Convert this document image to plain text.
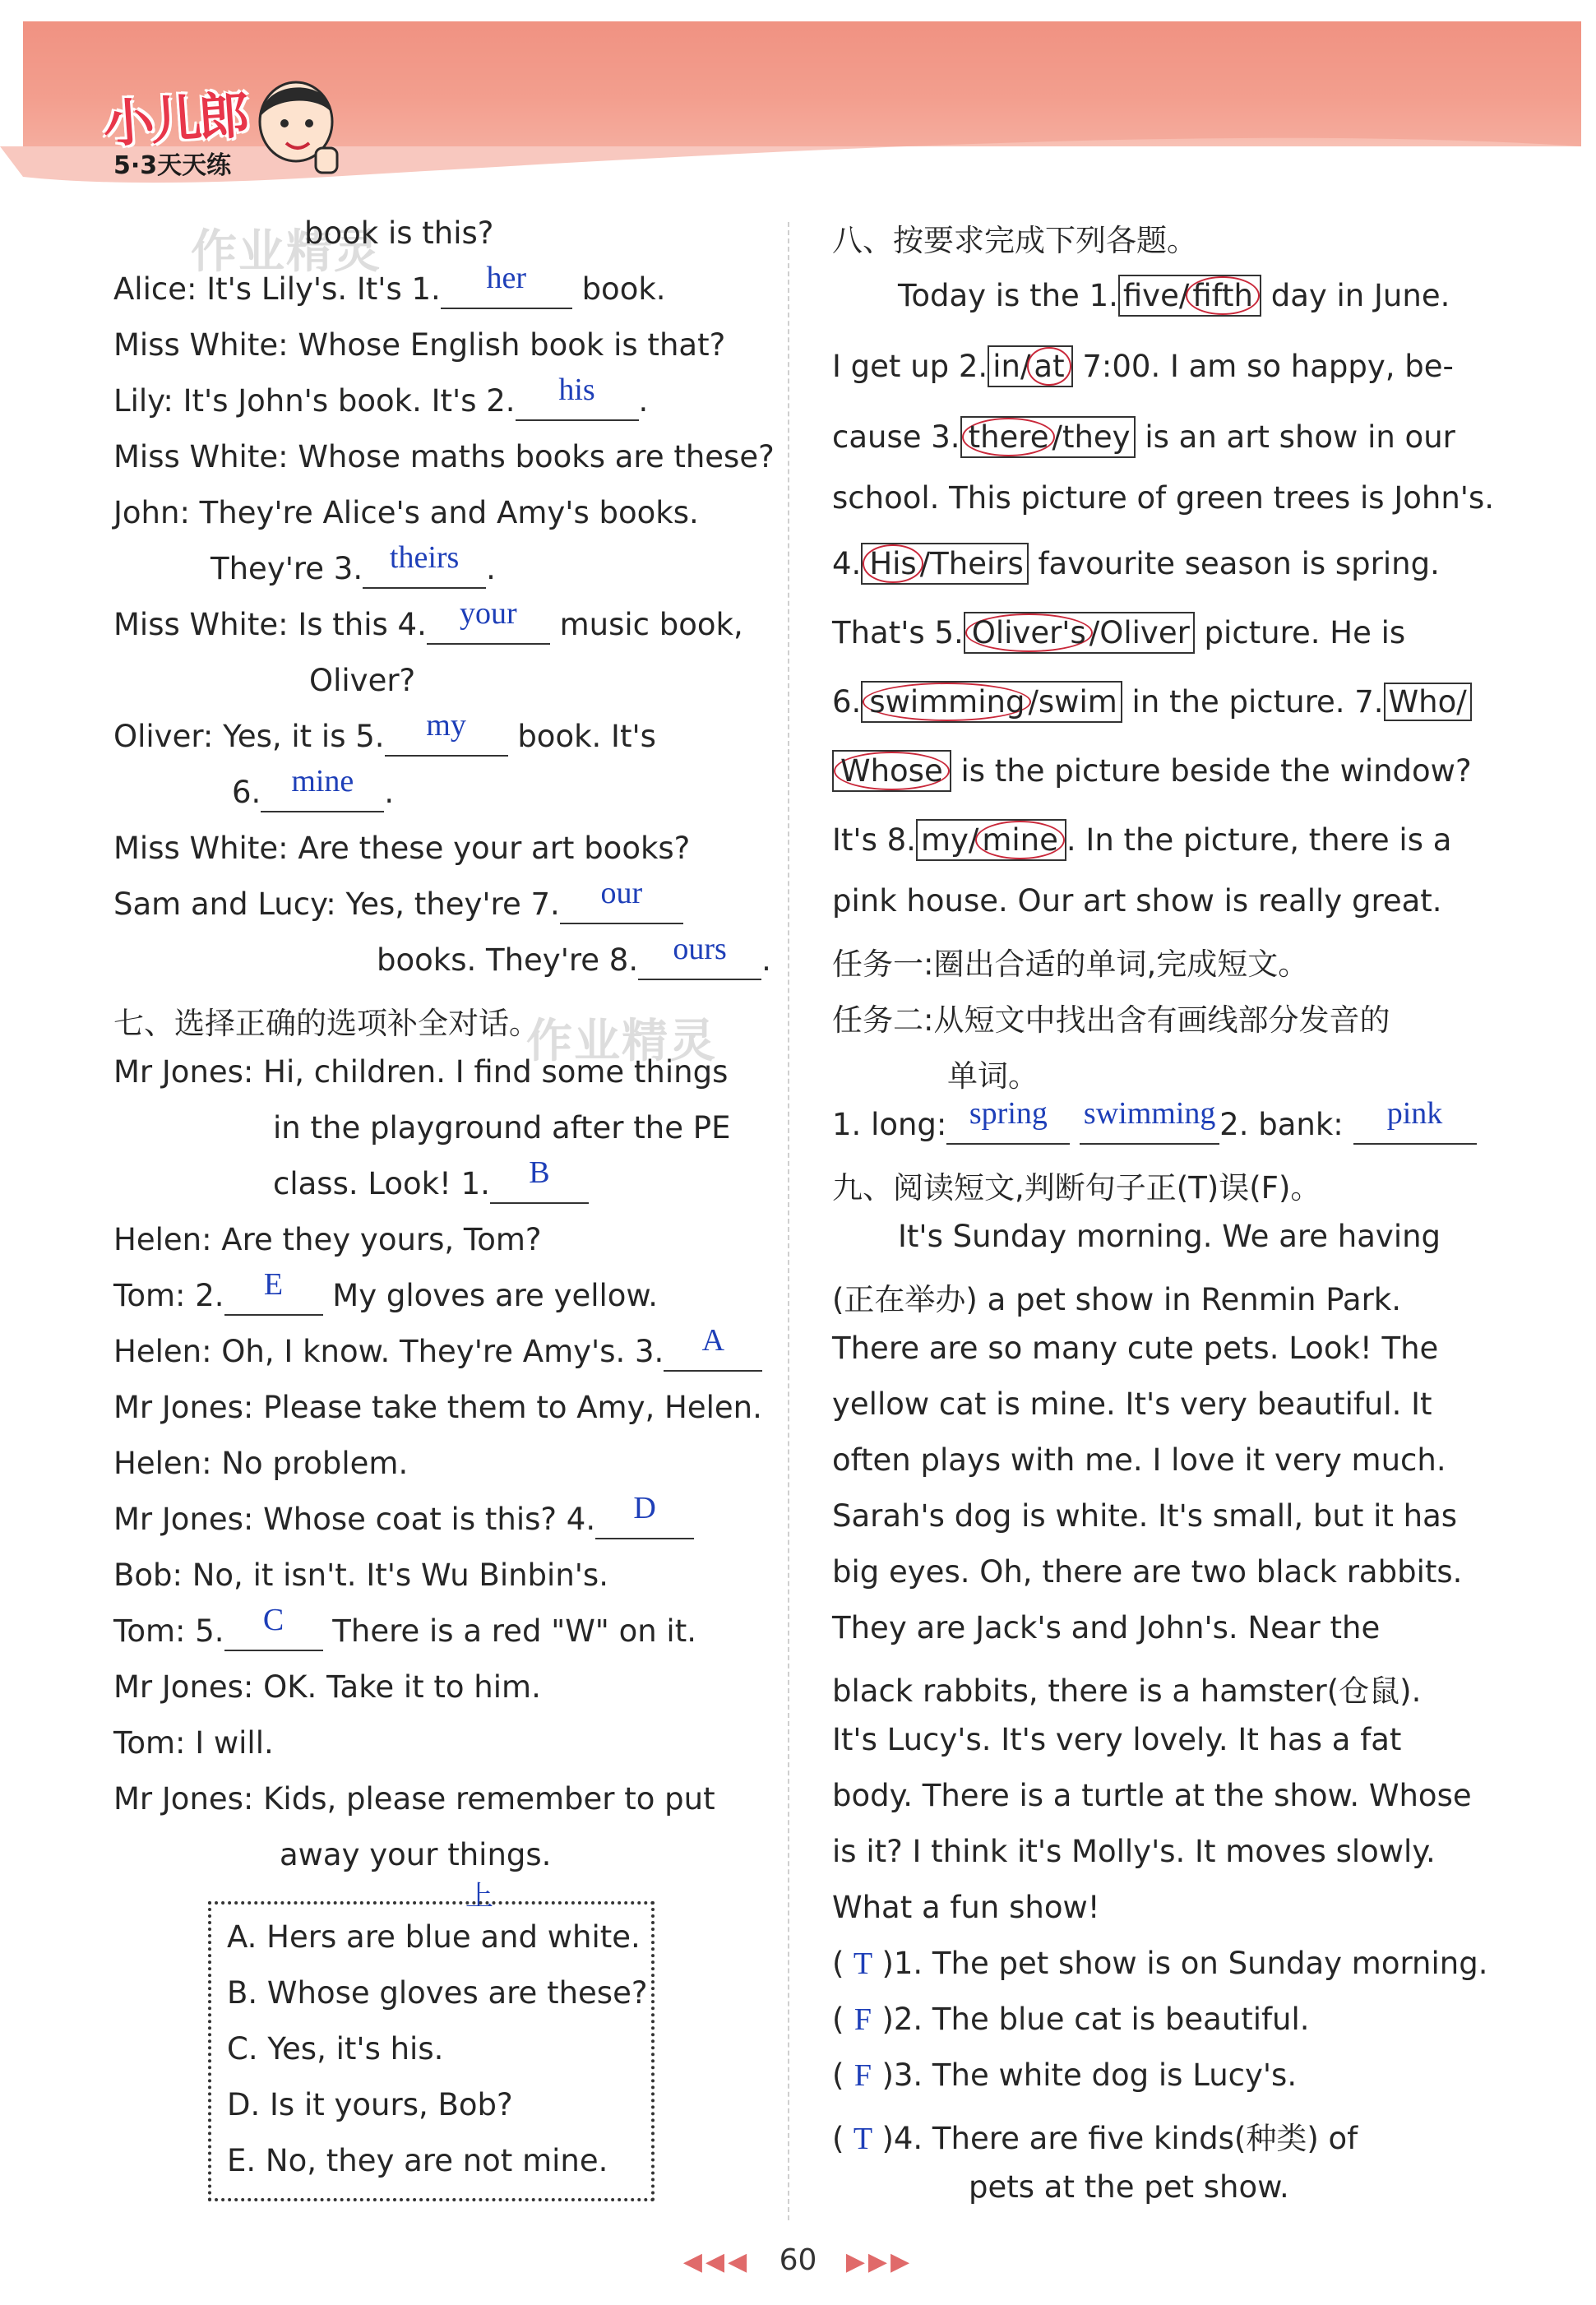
小儿郎
5·3天天练
作业精灵
作业精灵
book is this?
Alice: It's Lily's. It's 1. her book.
Miss White: Whose English book is that?
Lily: It's John's book. It's 2. his .
Miss White: Whose maths books are these?
John: They're Alice's and Amy's books.
They're 3. theirs .
Miss White: Is this 4. your music book,
Oliver?
Oliver: Yes, it is 5. my book. It's
6. mine .
Miss White: Are these your art books?
Sam and Lucy: Yes, they're 7. our
books. They're 8. ours .
七、选择正确的选项补全对话。
Mr Jones: Hi, children. I find some things
in the playground after the PE
class. Look! 1. B
Helen: Are they yours, Tom?
Tom: 2. E My gloves are yellow.
Helen: Oh, I know. They're Amy's. 3. A
Mr Jones: Please take them to Amy, Helen.
Helen: No problem.
Mr Jones: Whose coat is this? 4. D
Bob: No, it isn't. It's Wu Binbin's.
Tom: 5. C There is a red "W" on it.
Mr Jones: OK. Take it to him.
Tom: I will.
Mr Jones: Kids, please remember to put
away your things.
上
A. Hers are blue and white.
B. Whose gloves are these?
C. Yes, it's his.
D. Is it yours, Bob?
E. No, they are not mine.
八、按要求完成下列各题。
Today is the 1. five/ fifth day in June.
I get up 2. in/ at 7:00. I am so happy, be-
cause 3. there /they is an art show in our
school. This picture of green trees is John's.
4. His /Theirs favourite season is spring.
That's 5. Oliver's /Oliver picture. He is
6. swimming /swim in the picture. 7. Who/
Whose is the picture beside the window?
It's 8. my/ mine . In the picture, there is a
pink house. Our art show is really great.
任务一:圈出合适的单词,完成短文。
任务二:从短文中找出含有画线部分发音的
单词。
1. long: spring swimming 2. bank: pink
九、阅读短文,判断句子正(T)误(F)。
It's Sunday morning. We are having
(正在举办) a pet show in Renmin Park.
There are so many cute pets. Look! The
yellow cat is mine. It's very beautiful. It
often plays with me. I love it very much.
Sarah's dog is white. It's small, but it has
big eyes. Oh, there are two black rabbits.
They are Jack's and John's. Near the
black rabbits, there is a hamster(仓鼠).
It's Lucy's. It's very lovely. It has a fat
body. There is a turtle at the show. Whose
is it? I think it's Molly's. It moves slowly.
What a fun show!
( T )1. The pet show is on Sunday morning.
( F )2. The blue cat is beautiful.
( F )3. The white dog is Lucy's.
( T )4. There are five kinds(种类) of
pets at the pet show.
◀◀◀ 60 ▶▶▶
